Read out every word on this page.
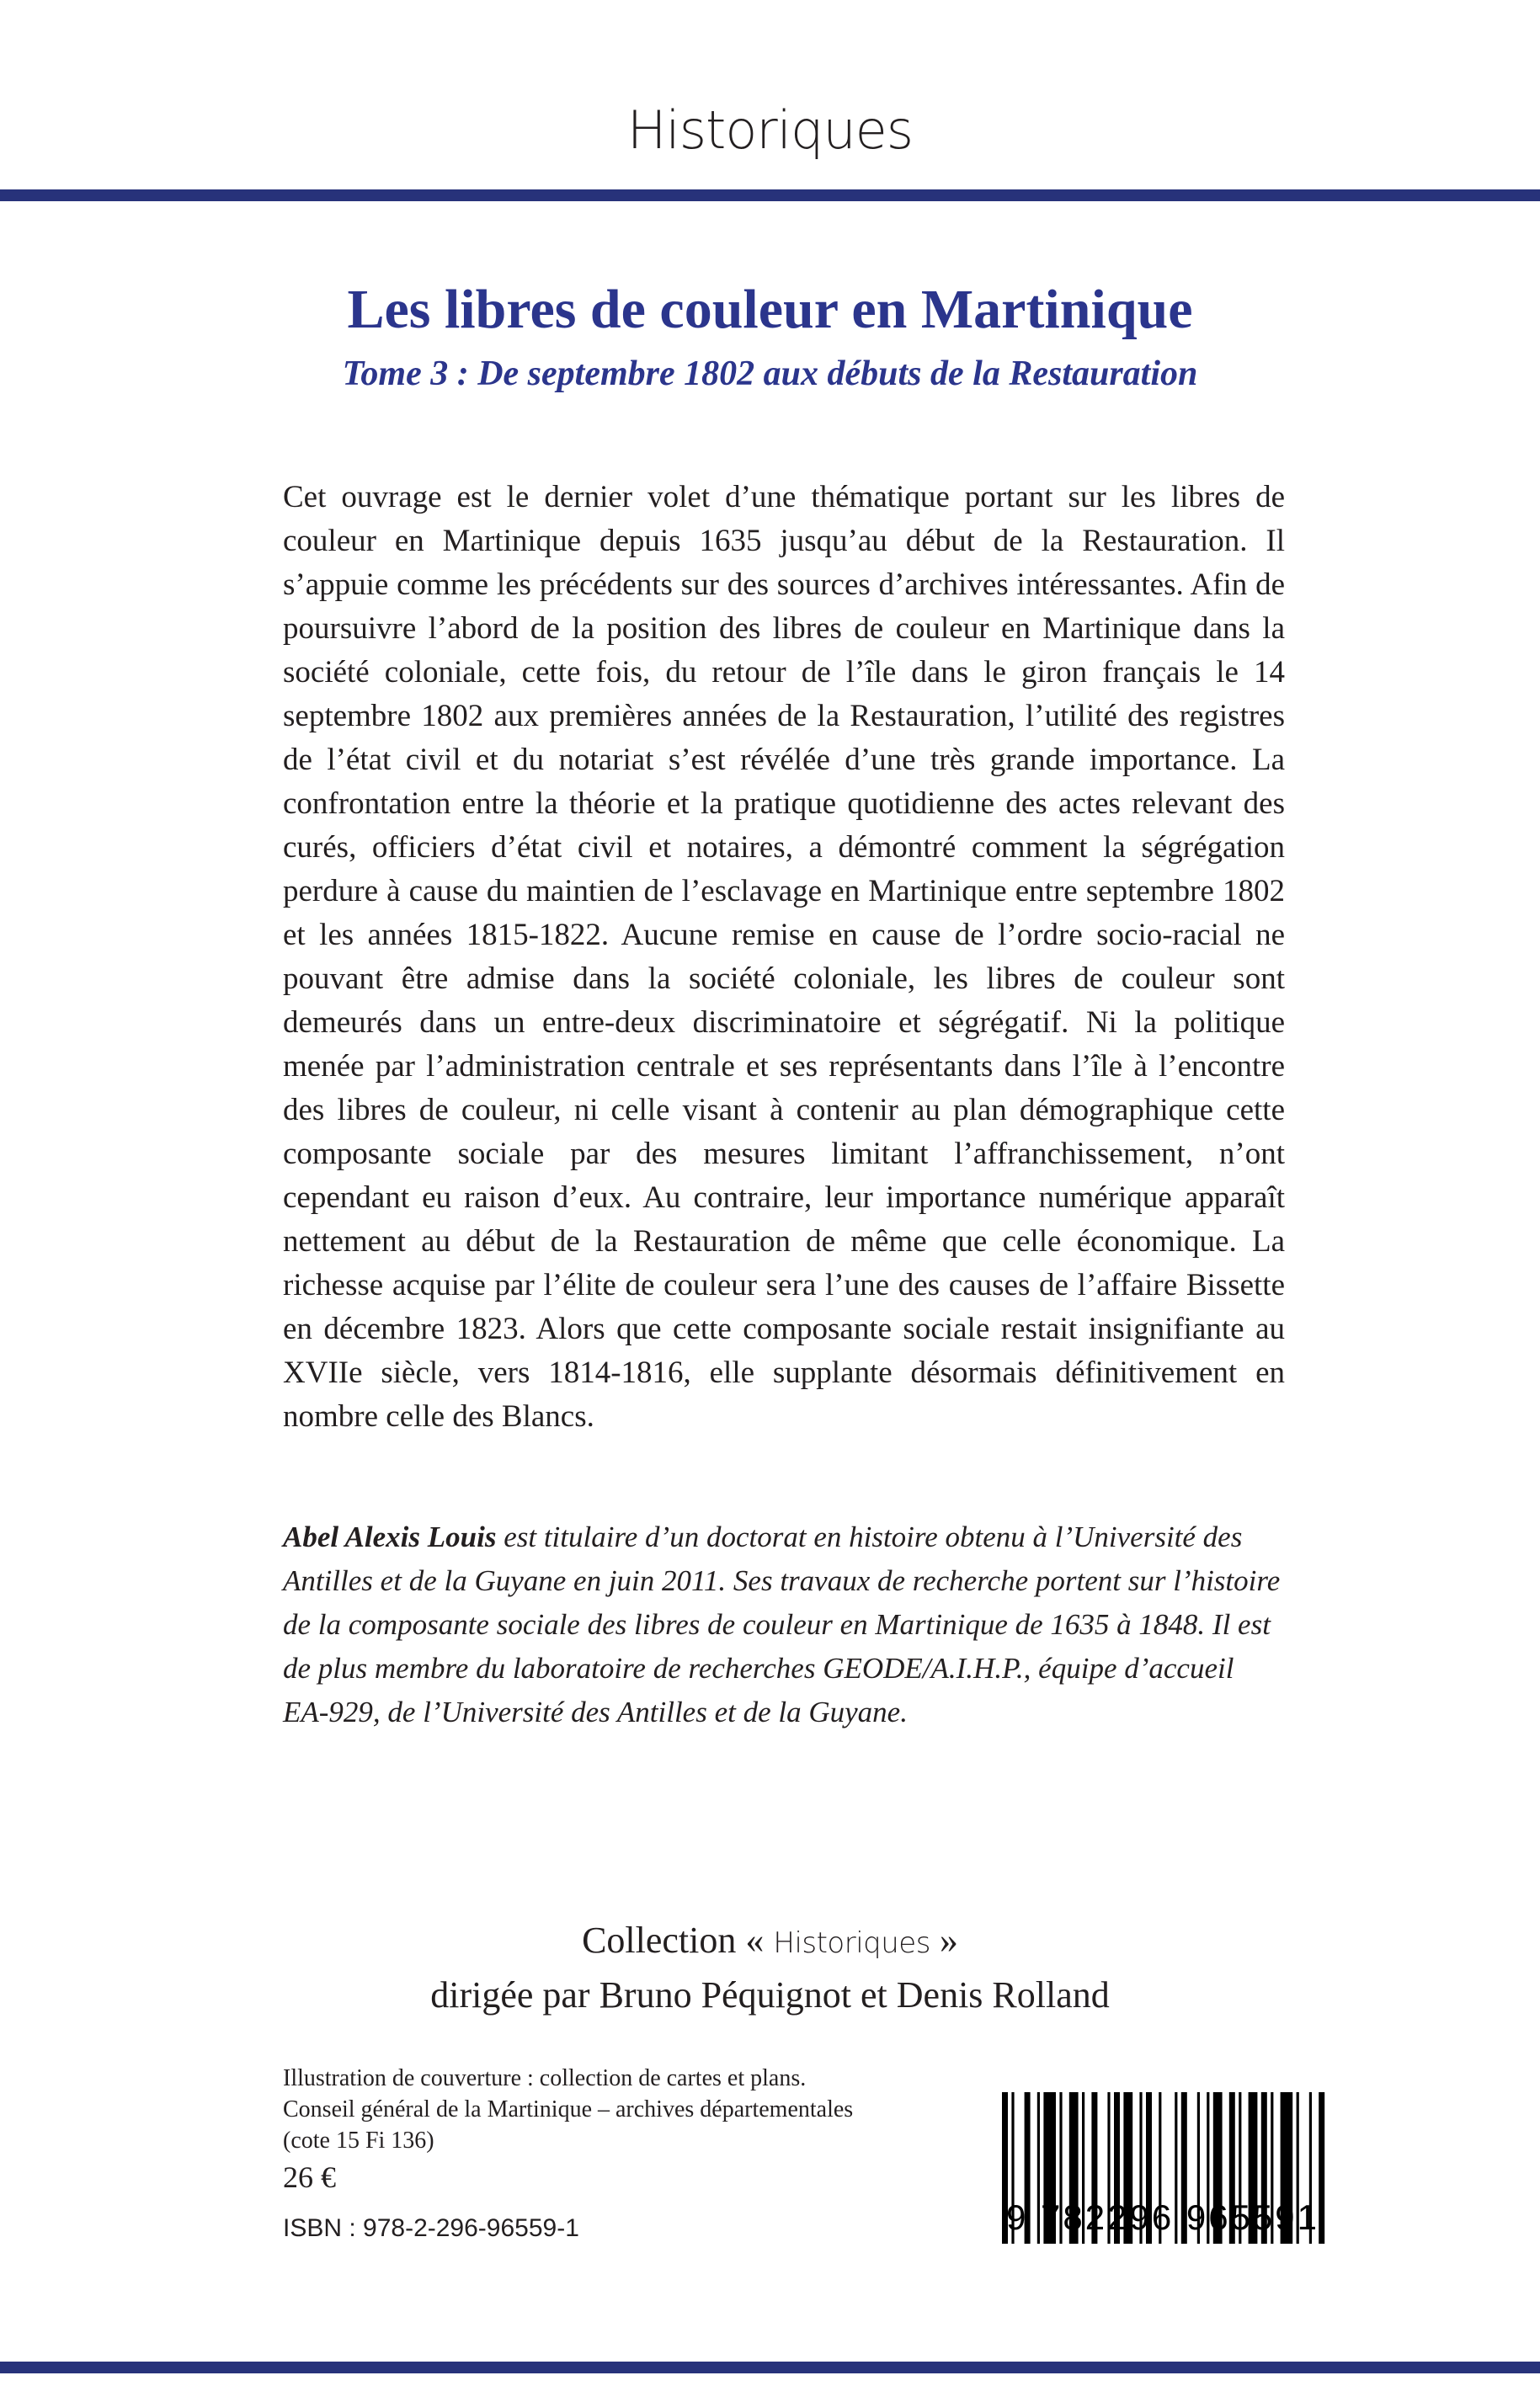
Historiques
Les libres de couleur en Martinique
Tome 3 : De septembre 1802 aux débuts de la Restauration

Cet ouvrage est le dernier volet d’une thématique portant sur les libres de couleur en Martinique depuis 1635 jusqu’au début de la Restauration. Il s’appuie comme les précédents sur des sources d’archives intéressantes. Afin de poursuivre l’abord de la position des libres de couleur en Martinique dans la société coloniale, cette fois, du retour de l’île dans le giron français le 14 septembre 1802 aux premières années de la Restauration, l’utilité des registres de l’état civil et du notariat s’est révélée d’une très grande importance. La confrontation entre la théorie et la pratique quotidienne des actes relevant des curés, officiers d’état civil et notaires, a démontré comment la ségrégation perdure à cause du maintien de l’esclavage en Martinique entre septembre 1802 et les années 1815-1822. Aucune remise en cause de l’ordre socio-racial ne pouvant être admise dans la société coloniale, les libres de couleur sont demeurés dans un entre-deux discriminatoire et ségrégatif. Ni la politique menée par l’administration centrale et ses représentants dans l’île à l’encontre des libres de couleur, ni celle visant à contenir au plan démographique cette composante sociale par des mesures limitant l’affranchissement, n’ont cependant eu raison d’eux. Au contraire, leur importance numérique apparaît nettement au début de la Restauration de même que celle économique. La richesse acquise par l’élite de couleur sera l’une des causes de l’affaire Bissette en décembre 1823. Alors que cette composante sociale restait insignifiante au XVIIe siècle, vers 1814-1816, elle supplante désormais définitivement en nombre celle des Blancs.

Abel Alexis Louis est titulaire d’un doctorat en histoire obtenu à l’Université des Antilles et de la Guyane en juin 2011. Ses travaux de recherche portent sur l’histoire de la composante sociale des libres de couleur en Martinique de 1635 à 1848. Il est de plus membre du laboratoire de recherches GEODE/A.I.H.P., équipe d’accueil EA-929, de l’Université des Antilles et de la Guyane.

Collection « Historiques »
dirigée par Bruno Péquignot et Denis Rolland

Illustration de couverture : collection de cartes et plans.
Conseil général de la Martinique – archives départementales
(cote 15 Fi 136)

26 €
ISBN : 978-2-296-96559-1	9 782296 965591
